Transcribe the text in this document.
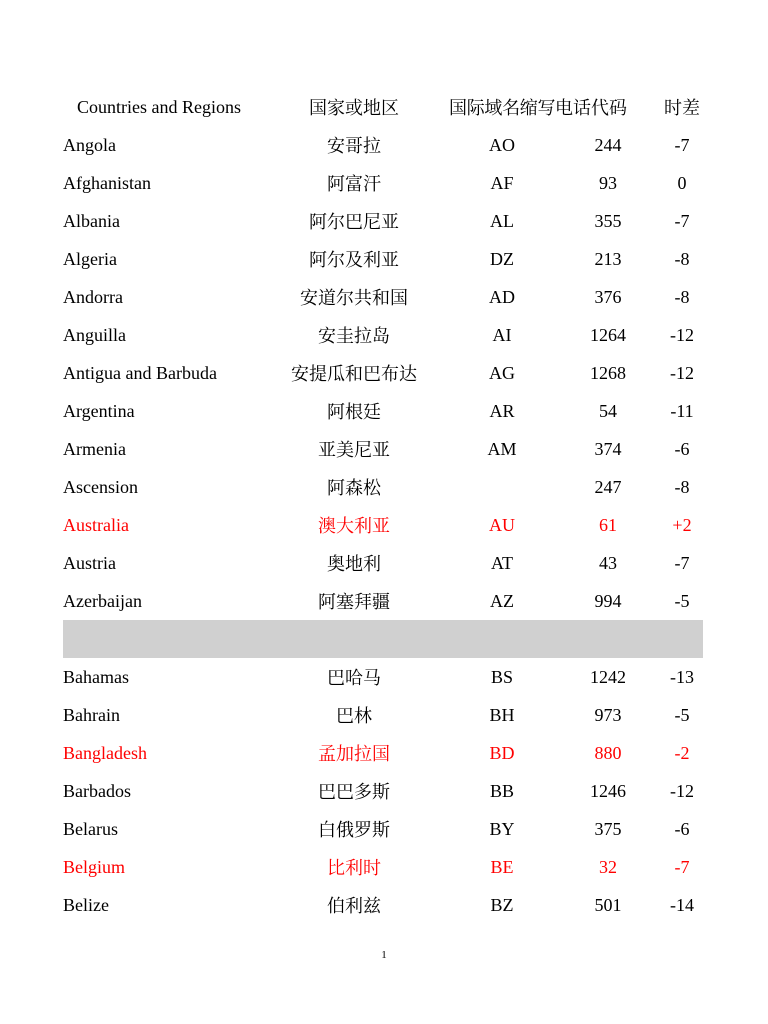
Countries and Regions	国家或地区	国际域名缩写	电话代码	时差
Angola	安哥拉	AO	244	-7
Afghanistan	阿富汗	AF	93	0
Albania	阿尔巴尼亚	AL	355	-7
Algeria	阿尔及利亚	DZ	213	-8
Andorra	安道尔共和国	AD	376	-8
Anguilla	安圭拉岛	AI	1264	-12
Antigua and Barbuda	安提瓜和巴布达	AG	1268	-12
Argentina	阿根廷	AR	54	-11
Armenia	亚美尼亚	AM	374	-6
Ascension	阿森松		247	-8
Australia	澳大利亚	AU	61	+2
Austria	奥地利	AT	43	-7
Azerbaijan	阿塞拜疆	AZ	994	-5

Bahamas	巴哈马	BS	1242	-13
Bahrain	巴林	BH	973	-5
Bangladesh	孟加拉国	BD	880	-2
Barbados	巴巴多斯	BB	1246	-12
Belarus	白俄罗斯	BY	375	-6
Belgium	比利时	BE	32	-7
Belize	伯利兹	BZ	501	-14
1
